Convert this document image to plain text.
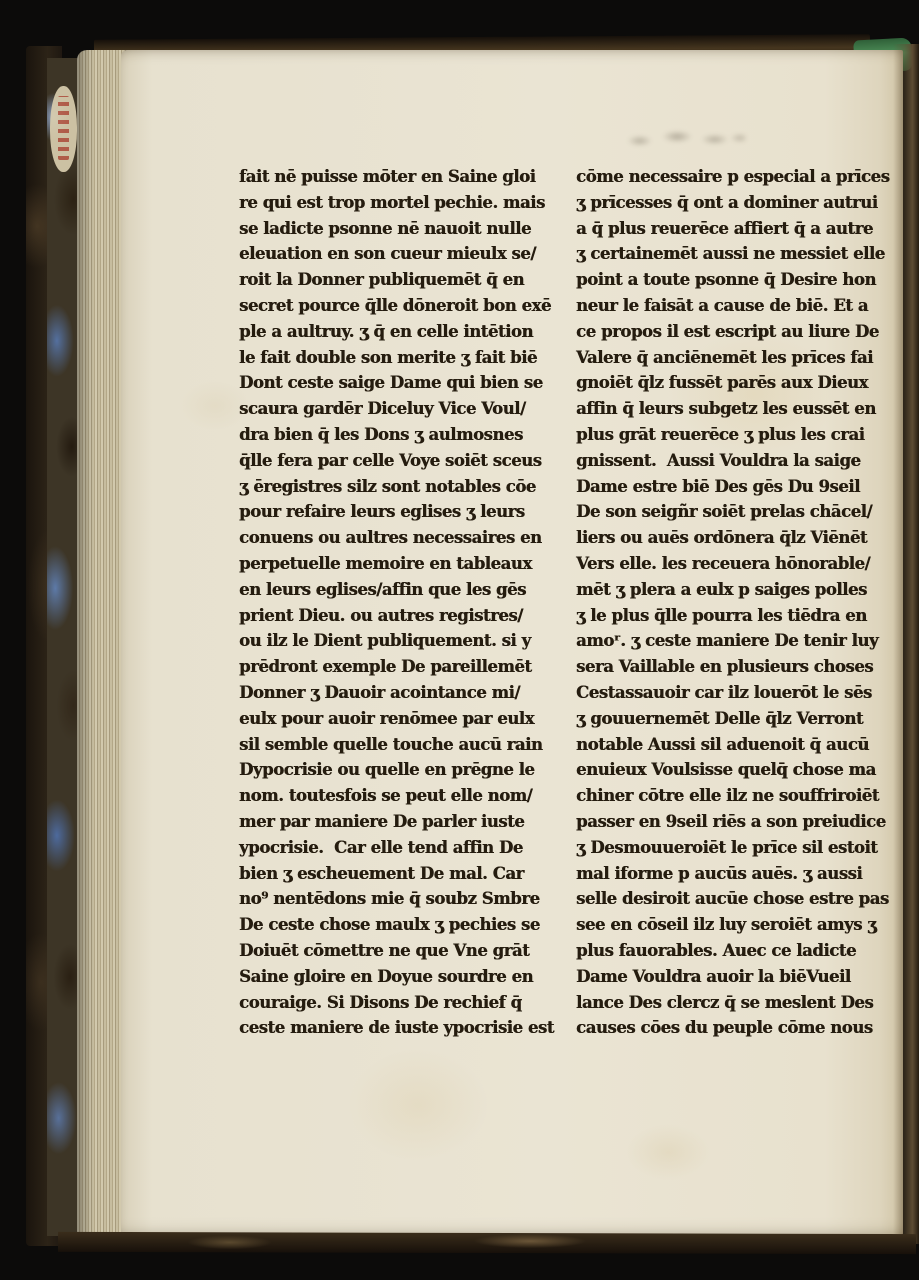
fait nē puisse mōter en Saine gloi
re qui est trop mortel pechie. mais
se ladicte psonne nē nauoit nulle
eleuation en son cueur mieulx se/
roit la Donner publiquemēt q̄ en
secret pource q̄lle dōneroit bon exē
ple a aultruy. ʒ q̄ en celle intētion
le fait double son merite ʒ fait biē
Dont ceste saige Dame qui bien se
scaura gardēr Diceluy Vice Voul/
dra bien q̄ les Dons ʒ aulmosnes
q̄lle fera par celle Voye soiēt sceus
ʒ ēregistres silz sont notables cōe
pour refaire leurs eglises ʒ leurs
conuens ou aultres necessaires en
perpetuelle memoire en tableaux
en leurs eglises/affin que les gēs
prient Dieu. ou autres registres/
ou ilz le Dient publiquement. si y
prēdront exemple De pareillemēt
Donner ʒ Dauoir acointance mi/
eulx pour auoir renōmee par eulx
sil semble quelle touche aucū rain
Dypocrisie ou quelle en prēgne le
nom. toutesfois se peut elle nom/
mer par maniere De parler iuste
ypocrisie.  Car elle tend affin De
bien ʒ escheuement De mal. Car
no⁹ nentēdons mie q̄ soubz Smbre
De ceste chose maulx ʒ pechies se
Doiuēt cōmettre ne que Vne grāt
Saine gloire en Doyue sourdre en
couraige. Si Disons De rechief q̄
ceste maniere de iuste ypocrisie est
cōme necessaire p especial a prīces
ʒ prīcesses q̄ ont a dominer autrui
a q̄ plus reuerēce affiert q̄ a autre
ʒ certainemēt aussi ne messiet elle
point a toute psonne q̄ Desire hon
neur le faisāt a cause de biē. Et a
ce propos il est escript au liure De
Valere q̄ anciēnemēt les prīces fai
gnoiēt q̄lz fussēt parēs aux Dieux
affin q̄ leurs subgetz les eussēt en
plus grāt reuerēce ʒ plus les crai
gnissent.  Aussi Vouldra la saige
Dame estre biē Des gēs Du 9seil
De son seigñr soiēt prelas chācel/
liers ou auēs ordōnera q̄lz Viēnēt
Vers elle. les receuera hōnorable/
mēt ʒ plera a eulx p saiges polles
ʒ le plus q̄lle pourra les tiēdra en
amoʳ. ʒ ceste maniere De tenir luy
sera Vaillable en plusieurs choses
Cestassauoir car ilz louerōt le sēs
ʒ gouuernemēt Delle q̄lz Verront
notable Aussi sil aduenoit q̄ aucū
enuieux Voulsisse quelq̄ chose ma
chiner cōtre elle ilz ne souffriroiēt
passer en 9seil riēs a son preiudice
ʒ Desmouueroiēt le prīce sil estoit
mal iforme p aucūs auēs. ʒ aussi
selle desiroit aucūe chose estre pas
see en cōseil ilz luy seroiēt amys ʒ
plus fauorables. Auec ce ladicte
Dame Vouldra auoir la biēVueil
lance Des clercz q̄ se meslent Des
causes cōes du peuple cōme nous
